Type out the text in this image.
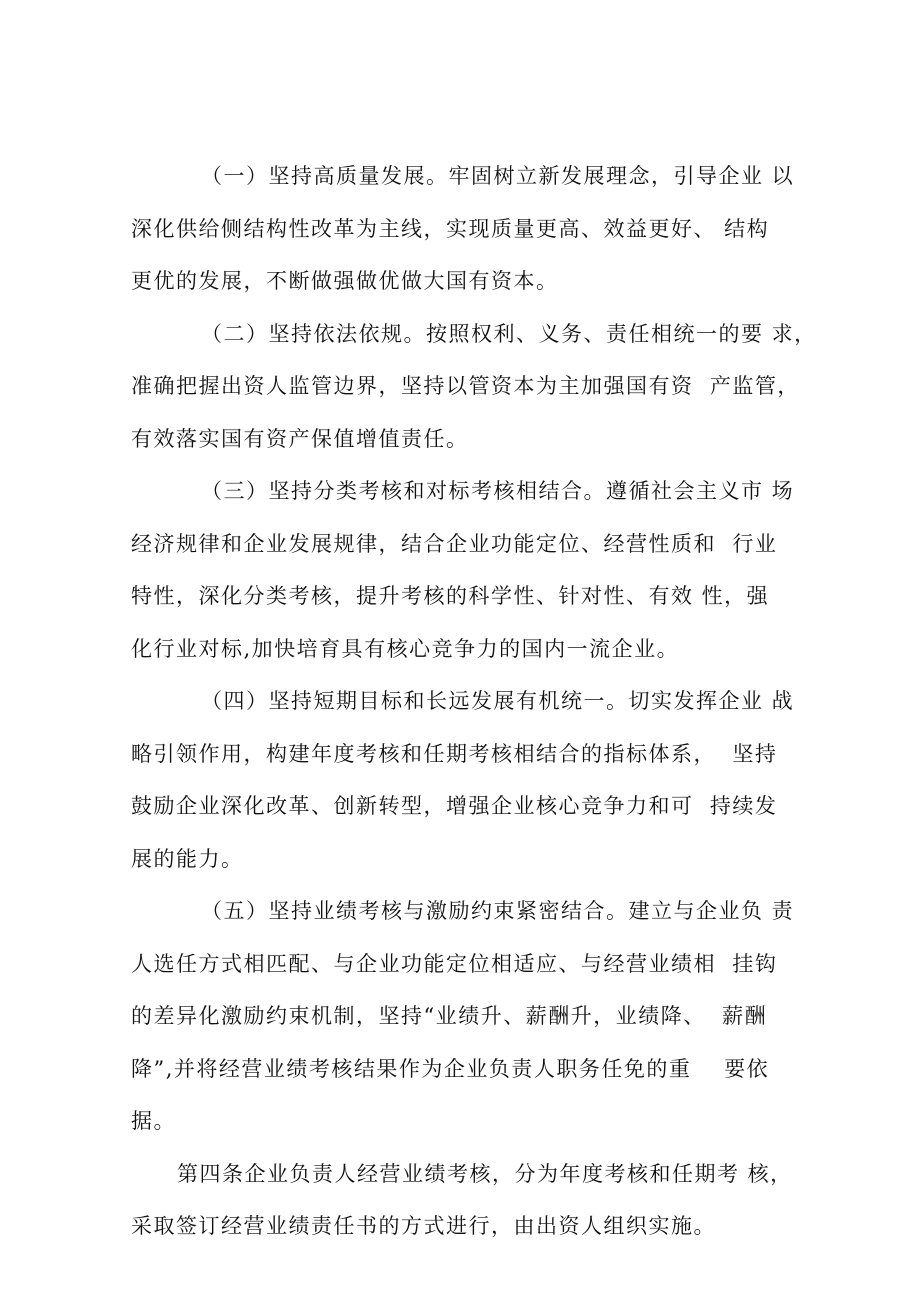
（一）坚持高质量发展。牢固树立新发展理念，引导企业 以
深化供给侧结构性改革为主线，实现质量更高、效益更好、 结构
更优的发展，不断做强做优做大国有资本。
（二）坚持依法依规。按照权利、义务、责任相统一的要 求，
准确把握出资人监管边界，坚持以管资本为主加强国有资  产监管，
有效落实国有资产保值增值责任。
（三）坚持分类考核和对标考核相结合。遵循社会主义市 场
经济规律和企业发展规律，结合企业功能定位、经营性质和  行业
特性，深化分类考核，提升考核的科学性、针对性、有效 性，强
化行业对标,加快培育具有核心竞争力的国内一流企业。
（四）坚持短期目标和长远发展有机统一。切实发挥企业 战
略引领作用，构建年度考核和任期考核相结合的指标体系，  坚持
鼓励企业深化改革、创新转型，增强企业核心竞争力和可  持续发
展的能力。
（五）坚持业绩考核与激励约束紧密结合。建立与企业负 责
人选任方式相匹配、与企业功能定位相适应、与经营业绩相  挂钩
的差异化激励约束机制，坚持“业绩升、薪酬升，业绩降、  薪酬
降”,并将经营业绩考核结果作为企业负责人职务任免的重    要依
据。
第四条企业负责人经营业绩考核，分为年度考核和任期考 核，
采取签订经营业绩责任书的方式进行，由出资人组织实施。
